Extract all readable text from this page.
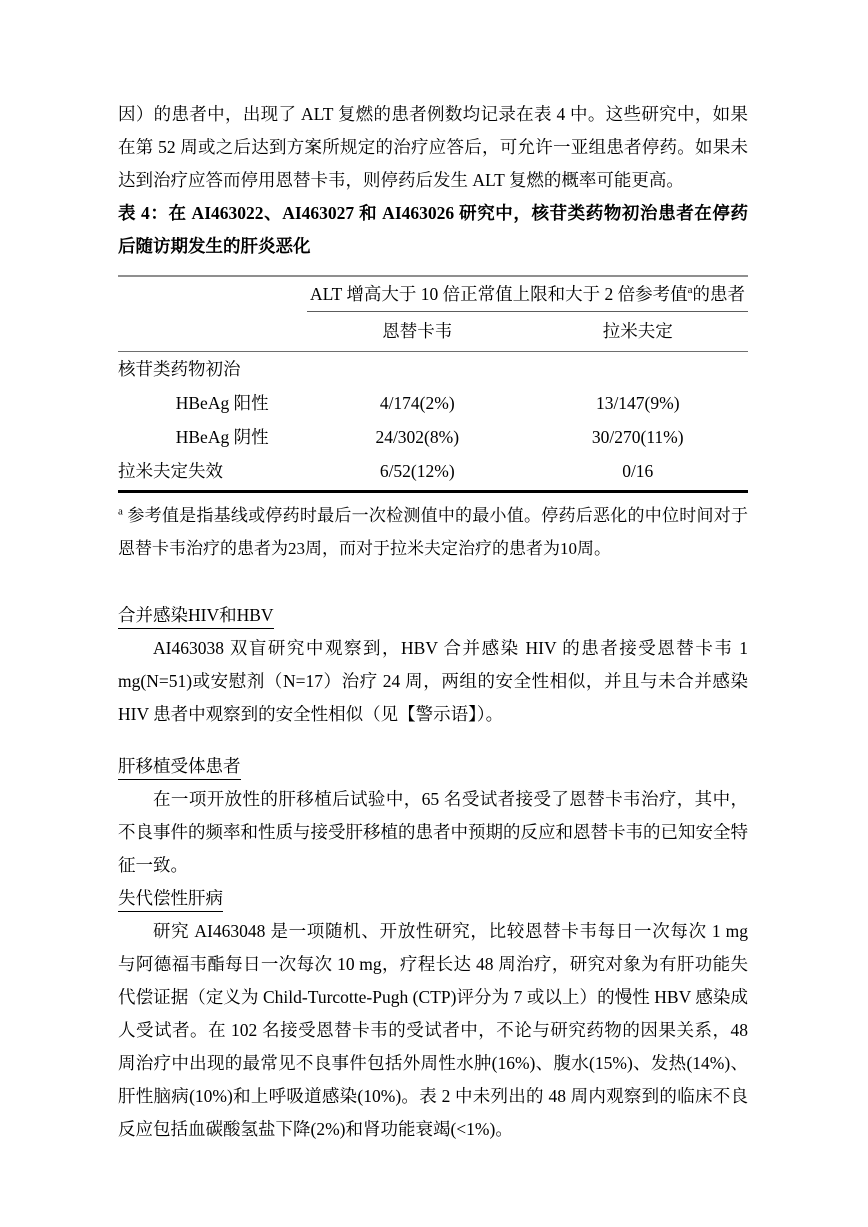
因）的患者中，出现了 ALT 复燃的患者例数均记录在表 4 中。这些研究中，如果在第 52 周或之后达到方案所规定的治疗应答后，可允许一亚组患者停药。如果未达到治疗应答而停用恩替卡韦，则停药后发生 ALT 复燃的概率可能更高。

表 4：在 AI463022、AI463027 和 AI463026 研究中，核苷类药物初治患者在停药后随访期发生的肝炎恶化

	ALT 增高大于 10 倍正常值上限和大于 2 倍参考值$^a$的患者	
	恩替卡韦	拉米夫定
核苷类药物初治		
HBeAg 阳性	4/174(2%)	13/147(9%)
HBeAg 阴性	24/302(8%)	30/270(11%)
拉米夫定失效	6/52(12%)	0/16

$^a$ 参考值是指基线或停药时最后一次检测值中的最小值。停药后恶化的中位时间对于恩替卡韦治疗的患者为23周，而对于拉米夫定治疗的患者为10周。

合并感染HIV和HBV

AI463038 双盲研究中观察到，HBV 合并感染 HIV 的患者接受恩替卡韦 1 mg(N=51)或安慰剂（N=17）治疗 24 周，两组的安全性相似，并且与未合并感染 HIV 患者中观察到的安全性相似（见【警示语】）。

肝移植受体患者

在一项开放性的肝移植后试验中，65 名受试者接受了恩替卡韦治疗，其中，不良事件的频率和性质与接受肝移植的患者中预期的反应和恩替卡韦的已知安全特征一致。

失代偿性肝病

研究 AI463048 是一项随机、开放性研究，比较恩替卡韦每日一次每次 1 mg 与阿德福韦酯每日一次每次 10 mg，疗程长达 48 周治疗，研究对象为有肝功能失代偿证据（定义为 Child-Turcotte-Pugh (CTP)评分为 7 或以上）的慢性 HBV 感染成人受试者。在 102 名接受恩替卡韦的受试者中，不论与研究药物的因果关系，48 周治疗中出现的最常见不良事件包括外周性水肿(16%)、腹水(15%)、发热(14%)、肝性脑病(10%)和上呼吸道感染(10%)。表 2 中未列出的 48 周内观察到的临床不良反应包括血碳酸氢盐下降(2%)和肾功能衰竭(<1%)。
